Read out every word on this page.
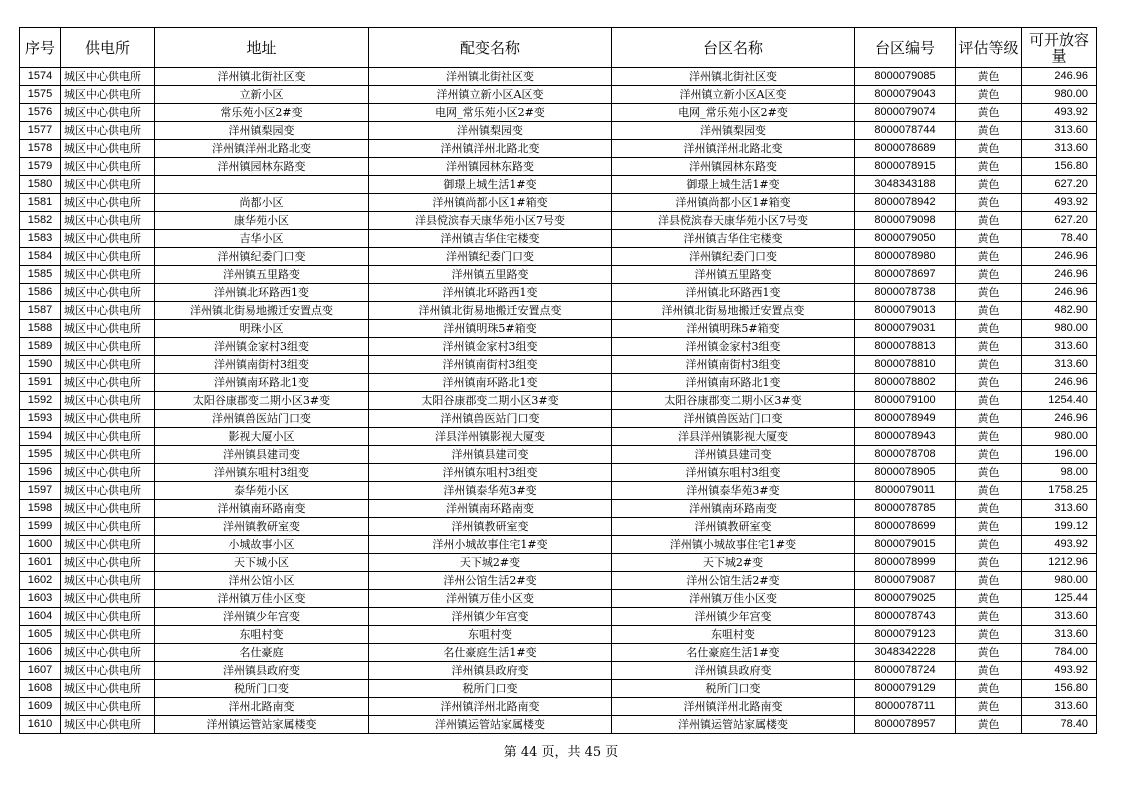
序号	供电所	地址	配变名称	台区名称	台区编号	评估等级	可开放容量
1574	城区中心供电所	洋州镇北街社区变	洋州镇北街社区变	洋州镇北街社区变	8000079085	黄色	246.96
1575	城区中心供电所	立新小区	洋州镇立新小区A区变	洋州镇立新小区A区变	8000079043	黄色	980.00
1576	城区中心供电所	常乐苑小区2#变	电网_常乐苑小区2#变	电网_常乐苑小区2#变	8000079074	黄色	493.92
1577	城区中心供电所	洋州镇梨园变	洋州镇梨园变	洋州镇梨园变	8000078744	黄色	313.60
1578	城区中心供电所	洋州镇洋州北路北变	洋州镇洋州北路北变	洋州镇洋州北路北变	8000078689	黄色	313.60
1579	城区中心供电所	洋州镇园林东路变	洋州镇园林东路变	洋州镇园林东路变	8000078915	黄色	156.80
1580	城区中心供电所		御璟上城生活1#变	御璟上城生活1#变	3048343188	黄色	627.20
1581	城区中心供电所	尚都小区	洋州镇尚都小区1#箱变	洋州镇尚都小区1#箱变	8000078942	黄色	493.92
1582	城区中心供电所	康华苑小区	洋县傥滨春天康华苑小区7号变	洋县傥滨春天康华苑小区7号变	8000079098	黄色	627.20
1583	城区中心供电所	吉华小区	洋州镇吉华住宅楼变	洋州镇吉华住宅楼变	8000079050	黄色	78.40
1584	城区中心供电所	洋州镇纪委门口变	洋州镇纪委门口变	洋州镇纪委门口变	8000078980	黄色	246.96
1585	城区中心供电所	洋州镇五里路变	洋州镇五里路变	洋州镇五里路变	8000078697	黄色	246.96
1586	城区中心供电所	洋州镇北环路西1变	洋州镇北环路西1变	洋州镇北环路西1变	8000078738	黄色	246.96
1587	城区中心供电所	洋州镇北街易地搬迁安置点变	洋州镇北街易地搬迁安置点变	洋州镇北街易地搬迁安置点变	8000079013	黄色	482.90
1588	城区中心供电所	明珠小区	洋州镇明珠5#箱变	洋州镇明珠5#箱变	8000079031	黄色	980.00
1589	城区中心供电所	洋州镇金家村3组变	洋州镇金家村3组变	洋州镇金家村3组变	8000078813	黄色	313.60
1590	城区中心供电所	洋州镇南街村3组变	洋州镇南街村3组变	洋州镇南街村3组变	8000078810	黄色	313.60
1591	城区中心供电所	洋州镇南环路北1变	洋州镇南环路北1变	洋州镇南环路北1变	8000078802	黄色	246.96
1592	城区中心供电所	太阳谷康郡变二期小区3#变	太阳谷康郡变二期小区3#变	太阳谷康郡变二期小区3#变	8000079100	黄色	1254.40
1593	城区中心供电所	洋州镇兽医站门口变	洋州镇兽医站门口变	洋州镇兽医站门口变	8000078949	黄色	246.96
1594	城区中心供电所	影视大厦小区	洋县洋州镇影视大厦变	洋县洋州镇影视大厦变	8000078943	黄色	980.00
1595	城区中心供电所	洋州镇县建司变	洋州镇县建司变	洋州镇县建司变	8000078708	黄色	196.00
1596	城区中心供电所	洋州镇东咀村3组变	洋州镇东咀村3组变	洋州镇东咀村3组变	8000078905	黄色	98.00
1597	城区中心供电所	泰华苑小区	洋州镇泰华苑3#变	洋州镇泰华苑3#变	8000079011	黄色	1758.25
1598	城区中心供电所	洋州镇南环路南变	洋州镇南环路南变	洋州镇南环路南变	8000078785	黄色	313.60
1599	城区中心供电所	洋州镇教研室变	洋州镇教研室变	洋州镇教研室变	8000078699	黄色	199.12
1600	城区中心供电所	小城故事小区	洋州小城故事住宅1#变	洋州镇小城故事住宅1#变	8000079015	黄色	493.92
1601	城区中心供电所	天下城小区	天下城2#变	天下城2#变	8000078999	黄色	1212.96
1602	城区中心供电所	洋州公馆小区	洋州公馆生活2#变	洋州公馆生活2#变	8000079087	黄色	980.00
1603	城区中心供电所	洋州镇万佳小区变	洋州镇万佳小区变	洋州镇万佳小区变	8000079025	黄色	125.44
1604	城区中心供电所	洋州镇少年宫变	洋州镇少年宫变	洋州镇少年宫变	8000078743	黄色	313.60
1605	城区中心供电所	东咀村变	东咀村变	东咀村变	8000079123	黄色	313.60
1606	城区中心供电所	名仕豪庭	名仕豪庭生活1#变	名仕豪庭生活1#变	3048342228	黄色	784.00
1607	城区中心供电所	洋州镇县政府变	洋州镇县政府变	洋州镇县政府变	8000078724	黄色	493.92
1608	城区中心供电所	税所门口变	税所门口变	税所门口变	8000079129	黄色	156.80
1609	城区中心供电所	洋州北路南变	洋州镇洋州北路南变	洋州镇洋州北路南变	8000078711	黄色	313.60
1610	城区中心供电所	洋州镇运管站家属楼变	洋州镇运管站家属楼变	洋州镇运管站家属楼变	8000078957	黄色	78.40
第 44 页，共 45 页
